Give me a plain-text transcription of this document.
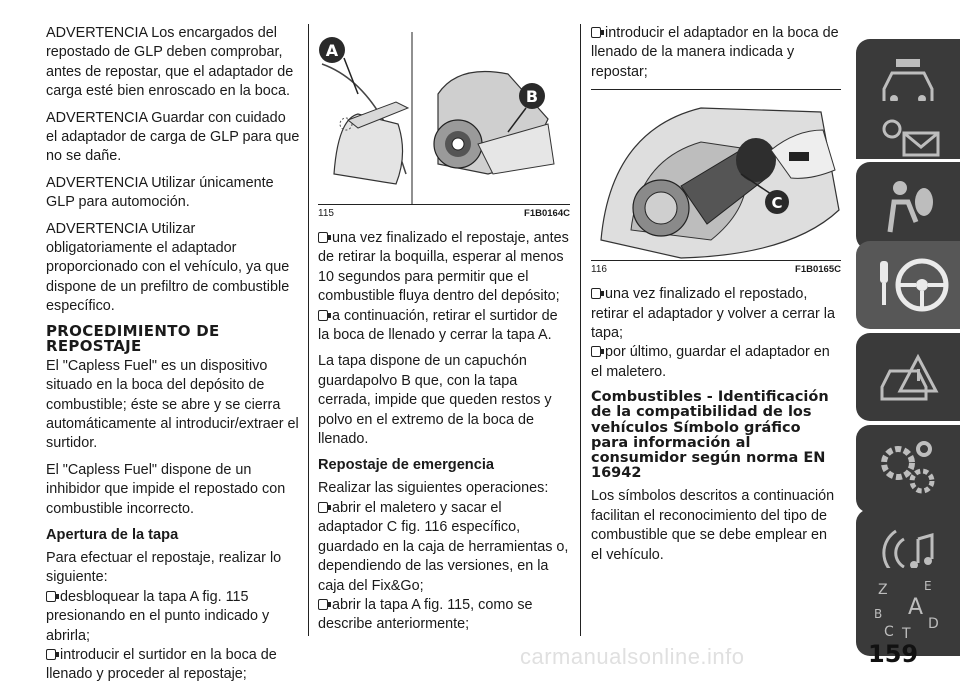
ADVERTENCIA Los encargados del repostado de GLP deben comprobar, antes de repostar, que el adaptador de carga esté bien enroscado en la boca.

ADVERTENCIA Guardar con cuidado el adaptador de carga de GLP para que no se dañe.

ADVERTENCIA Utilizar únicamente GLP para automoción.

ADVERTENCIA Utilizar obligatoriamente el adaptador proporcionado con el vehículo, ya que dispone de un prefiltro de combustible específico.

PROCEDIMIENTO DE REPOSTAJE

El "Capless Fuel" es un dispositivo situado en la boca del depósito de combustible; éste se abre y se cierra automáticamente al introducir/extraer el surtidor.

El "Capless Fuel" dispone de un inhibidor que impide el repostado con combustible incorrecto.

Apertura de la tapa

Para efectuar el repostaje, realizar lo siguiente:

desbloquear la tapa A fig. 115 presionando en el punto indicado y abrirla;

introducir el surtidor en la boca de llenado y proceder al repostaje;

A
B
115	F1B0164C

una vez finalizado el repostaje, antes de retirar la boquilla, esperar al menos 10 segundos para permitir que el combustible fluya dentro del depósito;

a continuación, retirar el surtidor de la boca de llenado y cerrar la tapa A.

La tapa dispone de un capuchón guardapolvo B que, con la tapa cerrada, impide que queden restos y polvo en el extremo de la boca de llenado.

Repostaje de emergencia

Realizar las siguientes operaciones:

abrir el maletero y sacar el adaptador C fig. 116 específico, guardado en la caja de herramientas o, dependiendo de las versiones, en la caja del Fix&Go;

abrir la tapa A fig. 115, como se describe anteriormente;

introducir el adaptador en la boca de llenado de la manera indicada y repostar;

C
116	F1B0165C

una vez finalizado el repostado, retirar el adaptador y volver a cerrar la tapa;

por último, guardar el adaptador en el maletero.

Combustibles - Identificación de la compatibilidad de los vehículos Símbolo gráfico para información al consumidor según norma EN 16942

Los símbolos descritos a continuación facilitan el reconocimiento del tipo de combustible que se debe emplear en el vehículo.

Z	E
B A
C T
D
159
carmanualsonline.info
